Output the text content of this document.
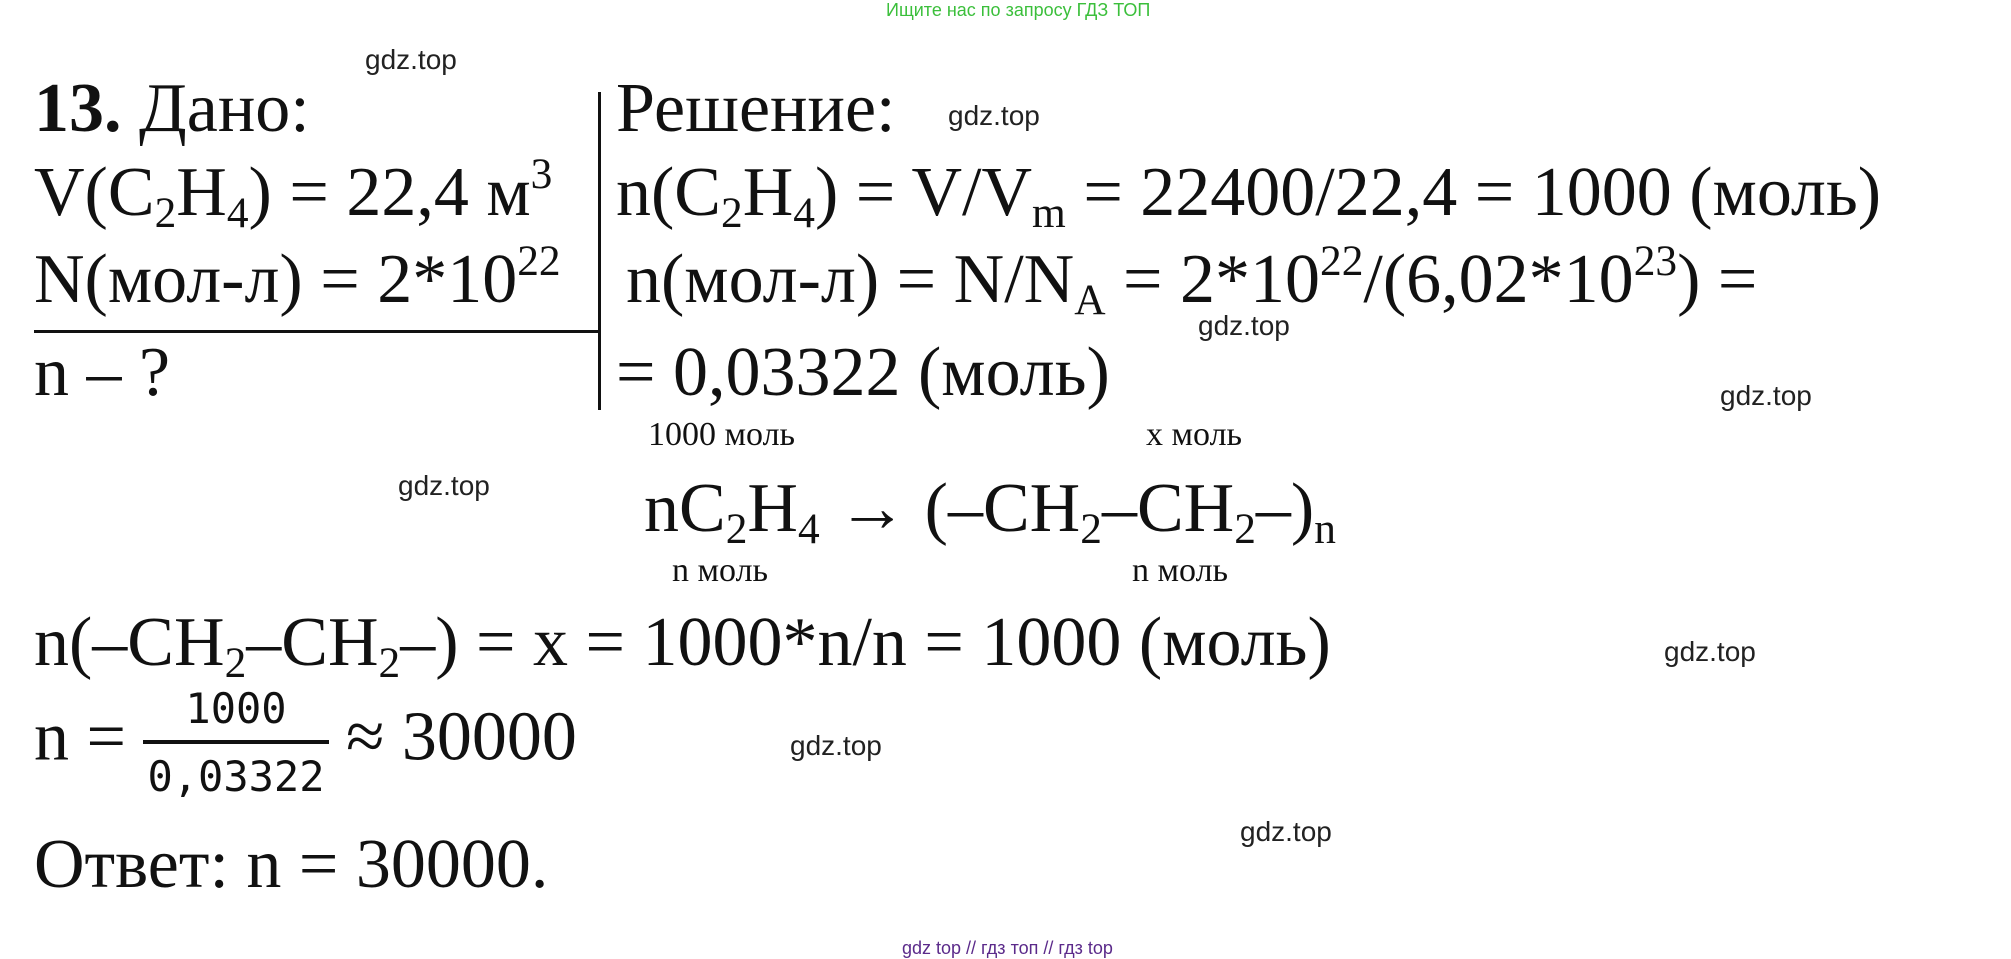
Ищите нас по запросу ГДЗ ТОП
13. Дано:
$V(C_2H_4) = 22,4$ $м^3$
$N(мол-л) = 2*10^{22}$
n – ?
Решение:
$n(C_2H_4) = V/V_m = 22400/22,4 = 1000$ (моль)
$n(мол-л) = N/N_A = 2*10^{22}/(6,02*10^{23})$ =
= 0,03322 (моль)
1000 моль	x моль
$nC_2H_4 \to (-CH_2-CH_2-)_n$
n моль	n моль
$n(-CH_2-CH_2-) = x = 1000*n/n = 1000$ (моль)
$n = \frac{1000}{0,03322} \approx 30000$
Ответ: n = 30000.
gdz.top
gdz.top
gdz.top
gdz.top
gdz.top
gdz.top
gdz.top
gdz.top
gdz top // гдз топ // гдз top
